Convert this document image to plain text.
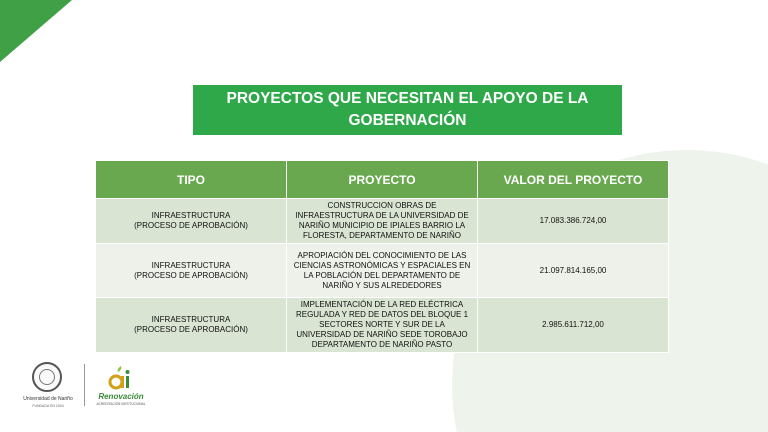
PROYECTOS QUE NECESITAN EL APOYO DE LA GOBERNACIÓN
TIPO	PROYECTO	VALOR DEL PROYECTO

INFRAESTRUCTURA
(PROCESO DE APROBACIÓN)	CONSTRUCCION OBRAS DE INFRAESTRUCTURA DE LA UNIVERSIDAD DE NARIÑO MUNICIPIO DE IPIALES BARRIO LA FLORESTA, DEPARTAMENTO DE NARIÑO	17.083.386.724,00

INFRAESTRUCTURA
(PROCESO DE APROBACIÓN)	APROPIACIÓN DEL CONOCIMIENTO DE LAS CIENCIAS ASTRONÓMICAS Y ESPACIALES EN LA POBLACIÓN DEL DEPARTAMENTO DE NARIÑO Y SUS ALREDEDORES	21.097.814.165,00

INFRAESTRUCTURA
(PROCESO DE APROBACIÓN)	IMPLEMENTACIÓN DE LA RED ELÉCTRICA REGULADA Y RED DE DATOS DEL BLOQUE 1 SECTORES NORTE Y SUR DE LA UNIVERSIDAD DE NARIÑO SEDE TOROBAJO DEPARTAMENTO DE NARIÑO PASTO	2.985.611.712,00
Universidad de Nariño
FUNDADA EN 1904
Renovación
ACREDITACIÓN INSTITUCIONAL
